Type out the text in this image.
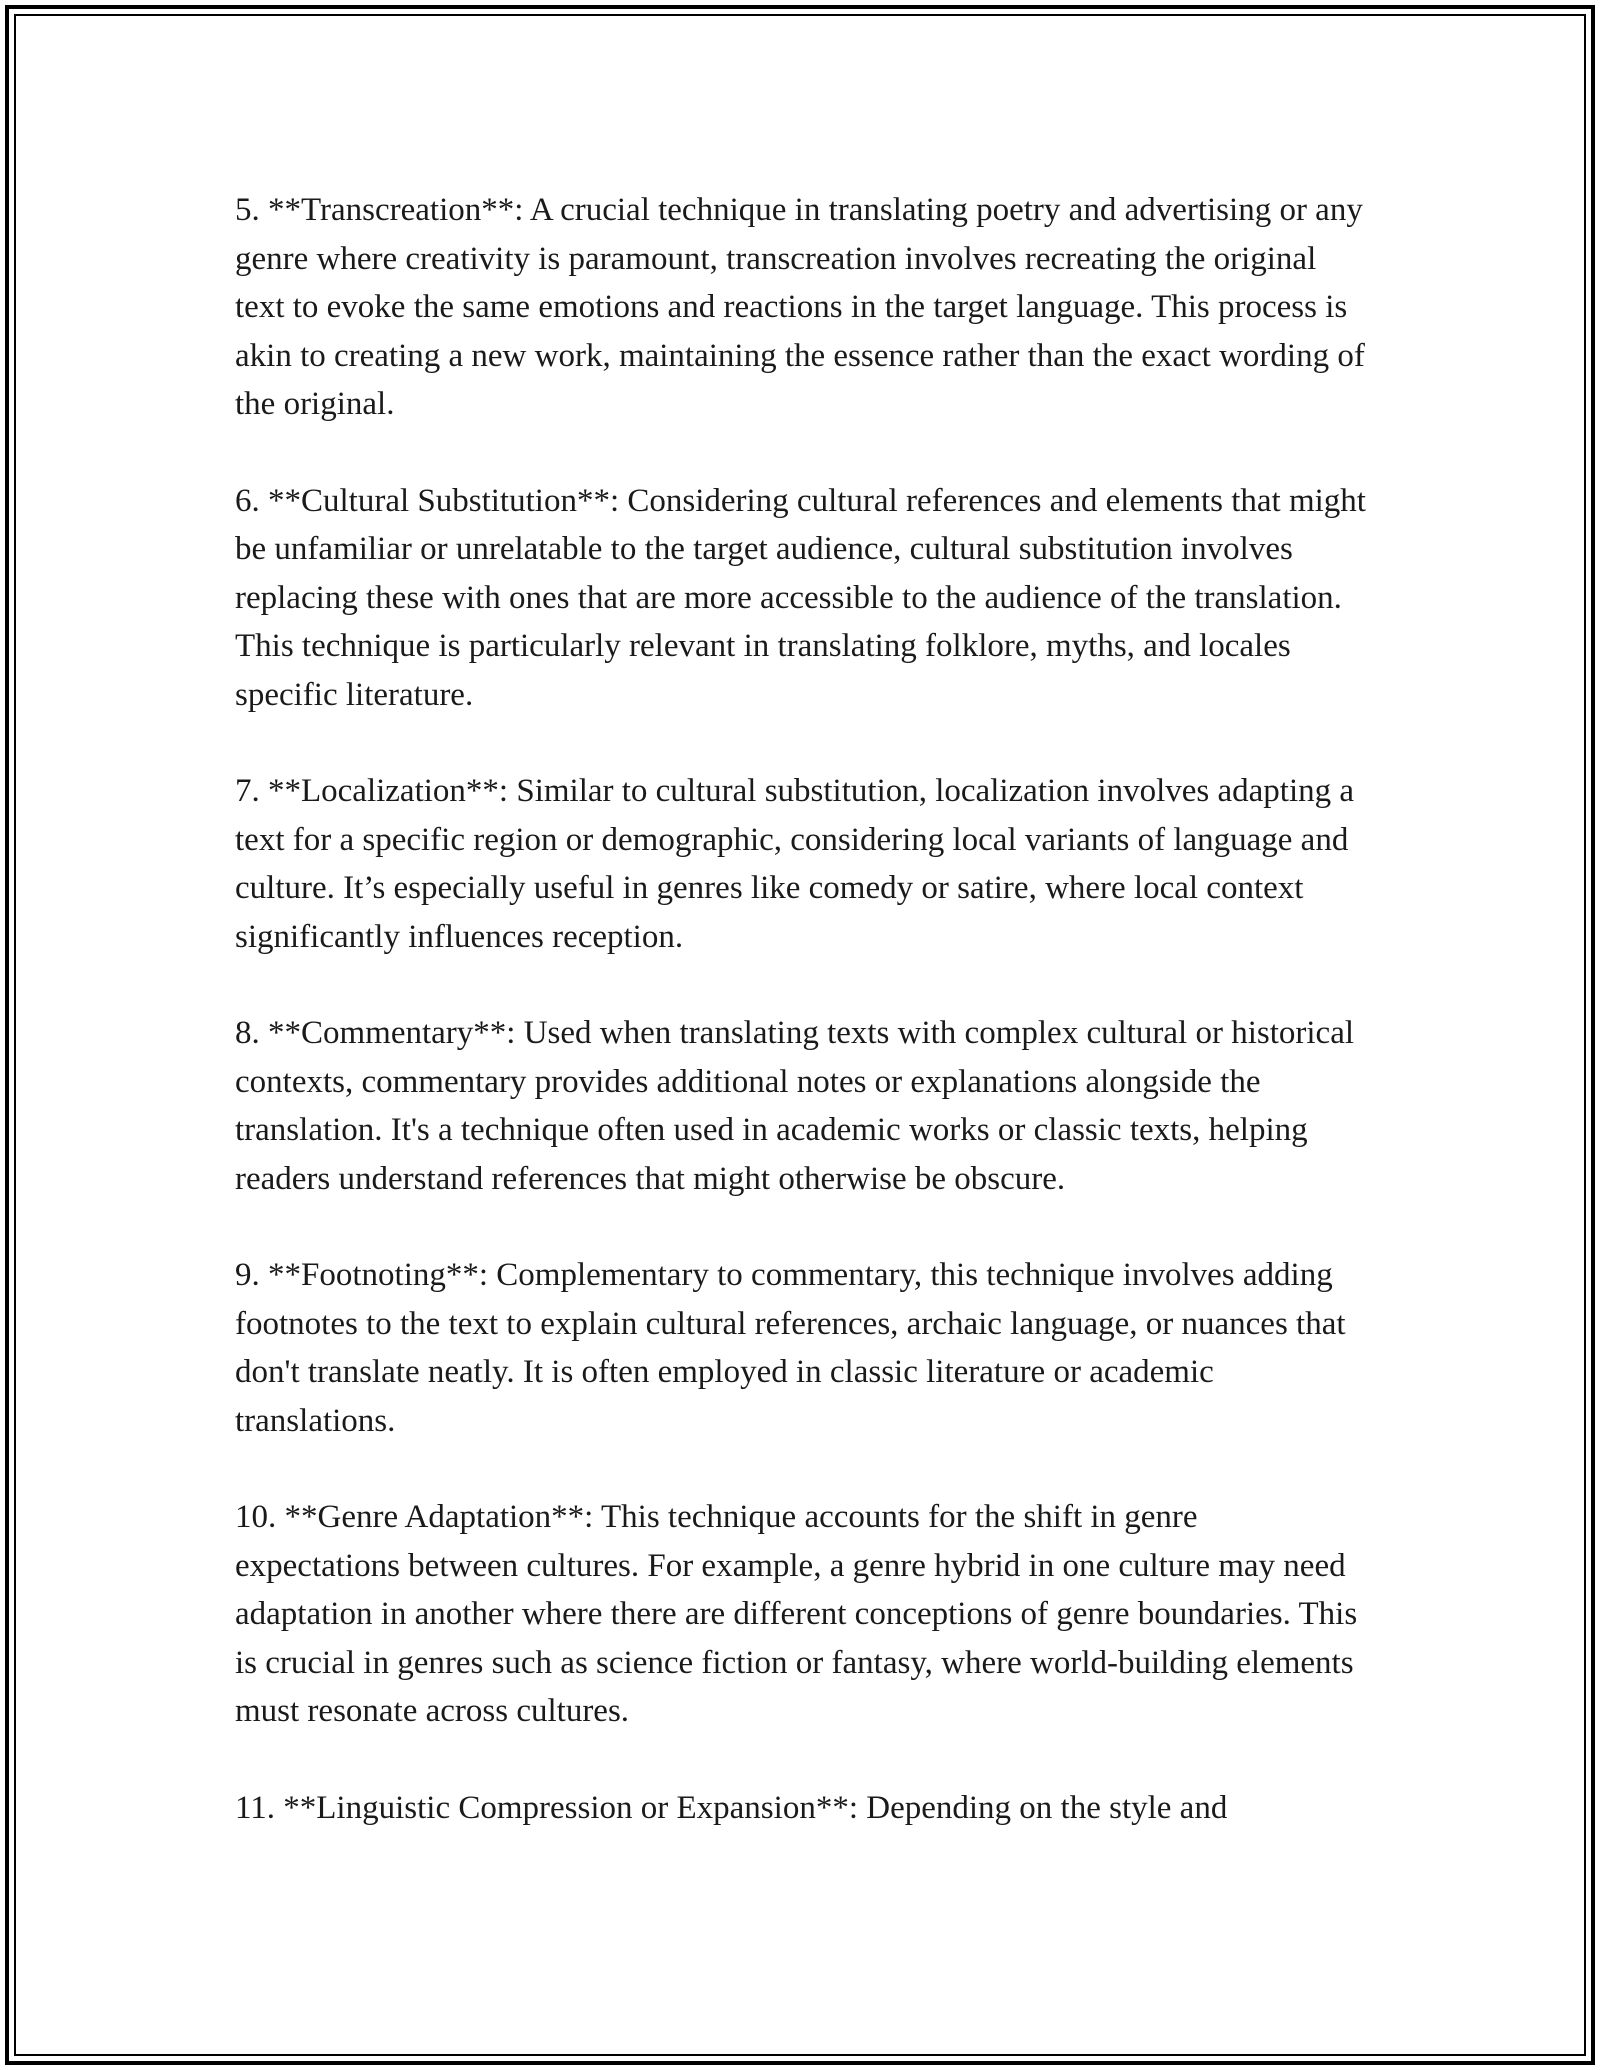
5. **Transcreation**: A crucial technique in translating poetry and advertising or any genre where creativity is paramount, transcreation involves recreating the original text to evoke the same emotions and reactions in the target language. This process is akin to creating a new work, maintaining the essence rather than the exact wording of the original.

6. **Cultural Substitution**: Considering cultural references and elements that might be unfamiliar or unrelatable to the target audience, cultural substitution involves replacing these with ones that are more accessible to the audience of the translation. This technique is particularly relevant in translating folklore, myths, and locales specific literature.

7. **Localization**: Similar to cultural substitution, localization involves adapting a text for a specific region or demographic, considering local variants of language and culture. It’s especially useful in genres like comedy or satire, where local context significantly influences reception.

8. **Commentary**: Used when translating texts with complex cultural or historical contexts, commentary provides additional notes or explanations alongside the translation. It's a technique often used in academic works or classic texts, helping readers understand references that might otherwise be obscure.

9. **Footnoting**: Complementary to commentary, this technique involves adding footnotes to the text to explain cultural references, archaic language, or nuances that don't translate neatly. It is often employed in classic literature or academic translations.

10. **Genre Adaptation**: This technique accounts for the shift in genre expectations between cultures. For example, a genre hybrid in one culture may need adaptation in another where there are different conceptions of genre boundaries. This is crucial in genres such as science fiction or fantasy, where world-building elements must resonate across cultures.

11. **Linguistic Compression or Expansion**: Depending on the style and
